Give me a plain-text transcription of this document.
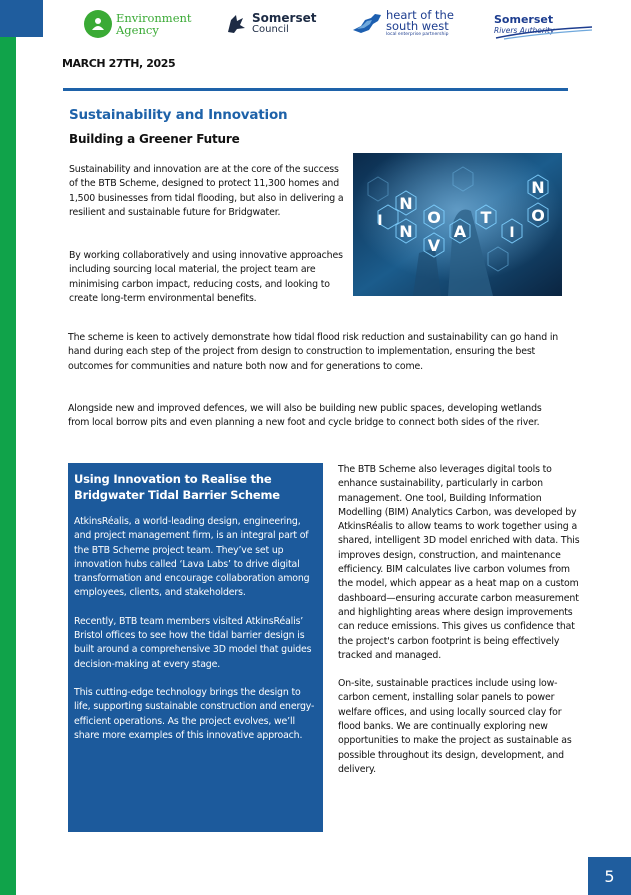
Environment
Agency
Somerset
Council
heart of the
south west
local enterprise partnership
Somerset
Rivers Authority
MARCH 27TH, 2025
Sustainability and Innovation
Building a Greener Future

Sustainability and innovation are at the core of the success of the BTB Scheme, designed to protect 11,300 homes and 1,500 businesses from tidal flooding, but also in delivering a resilient and sustainable future for Bridgwater.

By working collaboratively and using innovative approaches including sourcing local material, the project team are minimising carbon impact, reducing costs, and looking to create long-term environmental benefits.

I
N
N
O
V
A
T
I
O
N

The scheme is keen to actively demonstrate how tidal flood risk reduction and sustainability can go hand in hand during each step of the project from design to construction to implementation, ensuring the best outcomes for communities and nature both now and for generations to come.

Alongside new and improved defences, we will also be building new public spaces, developing wetlands from local borrow pits and even planning a new foot and cycle bridge to connect both sides of the river.

Using Innovation to Realise the Bridgwater Tidal Barrier Scheme

AtkinsRéalis, a world-leading design, engineering, and project management firm, is an integral part of the BTB Scheme project team. They’ve set up innovation hubs called ‘Lava Labs’ to drive digital transformation and encourage collaboration among employees, clients, and stakeholders.

Recently, BTB team members visited AtkinsRéalis’ Bristol offices to see how the tidal barrier design is built around a comprehensive 3D model that guides decision-making at every stage.

This cutting-edge technology brings the design to life, supporting sustainable construction and energy-efficient operations. As the project evolves, we’ll share more examples of this innovative approach.

The BTB Scheme also leverages digital tools to enhance sustainability, particularly in carbon management. One tool, Building Information Modelling (BIM) Analytics Carbon, was developed by AtkinsRéalis to allow teams to work together using a shared, intelligent 3D model enriched with data. This improves design, construction, and maintenance efficiency. BIM calculates live carbon volumes from the model, which appear as a heat map on a custom dashboard—ensuring accurate carbon measurement and highlighting areas where design improvements can reduce emissions. This gives us confidence that the project's carbon footprint is being effectively tracked and managed.

On-site, sustainable practices include using low-carbon cement, installing solar panels to power welfare offices, and using locally sourced clay for flood banks. We are continually exploring new opportunities to make the project as sustainable as possible throughout its design, development, and delivery.

5
